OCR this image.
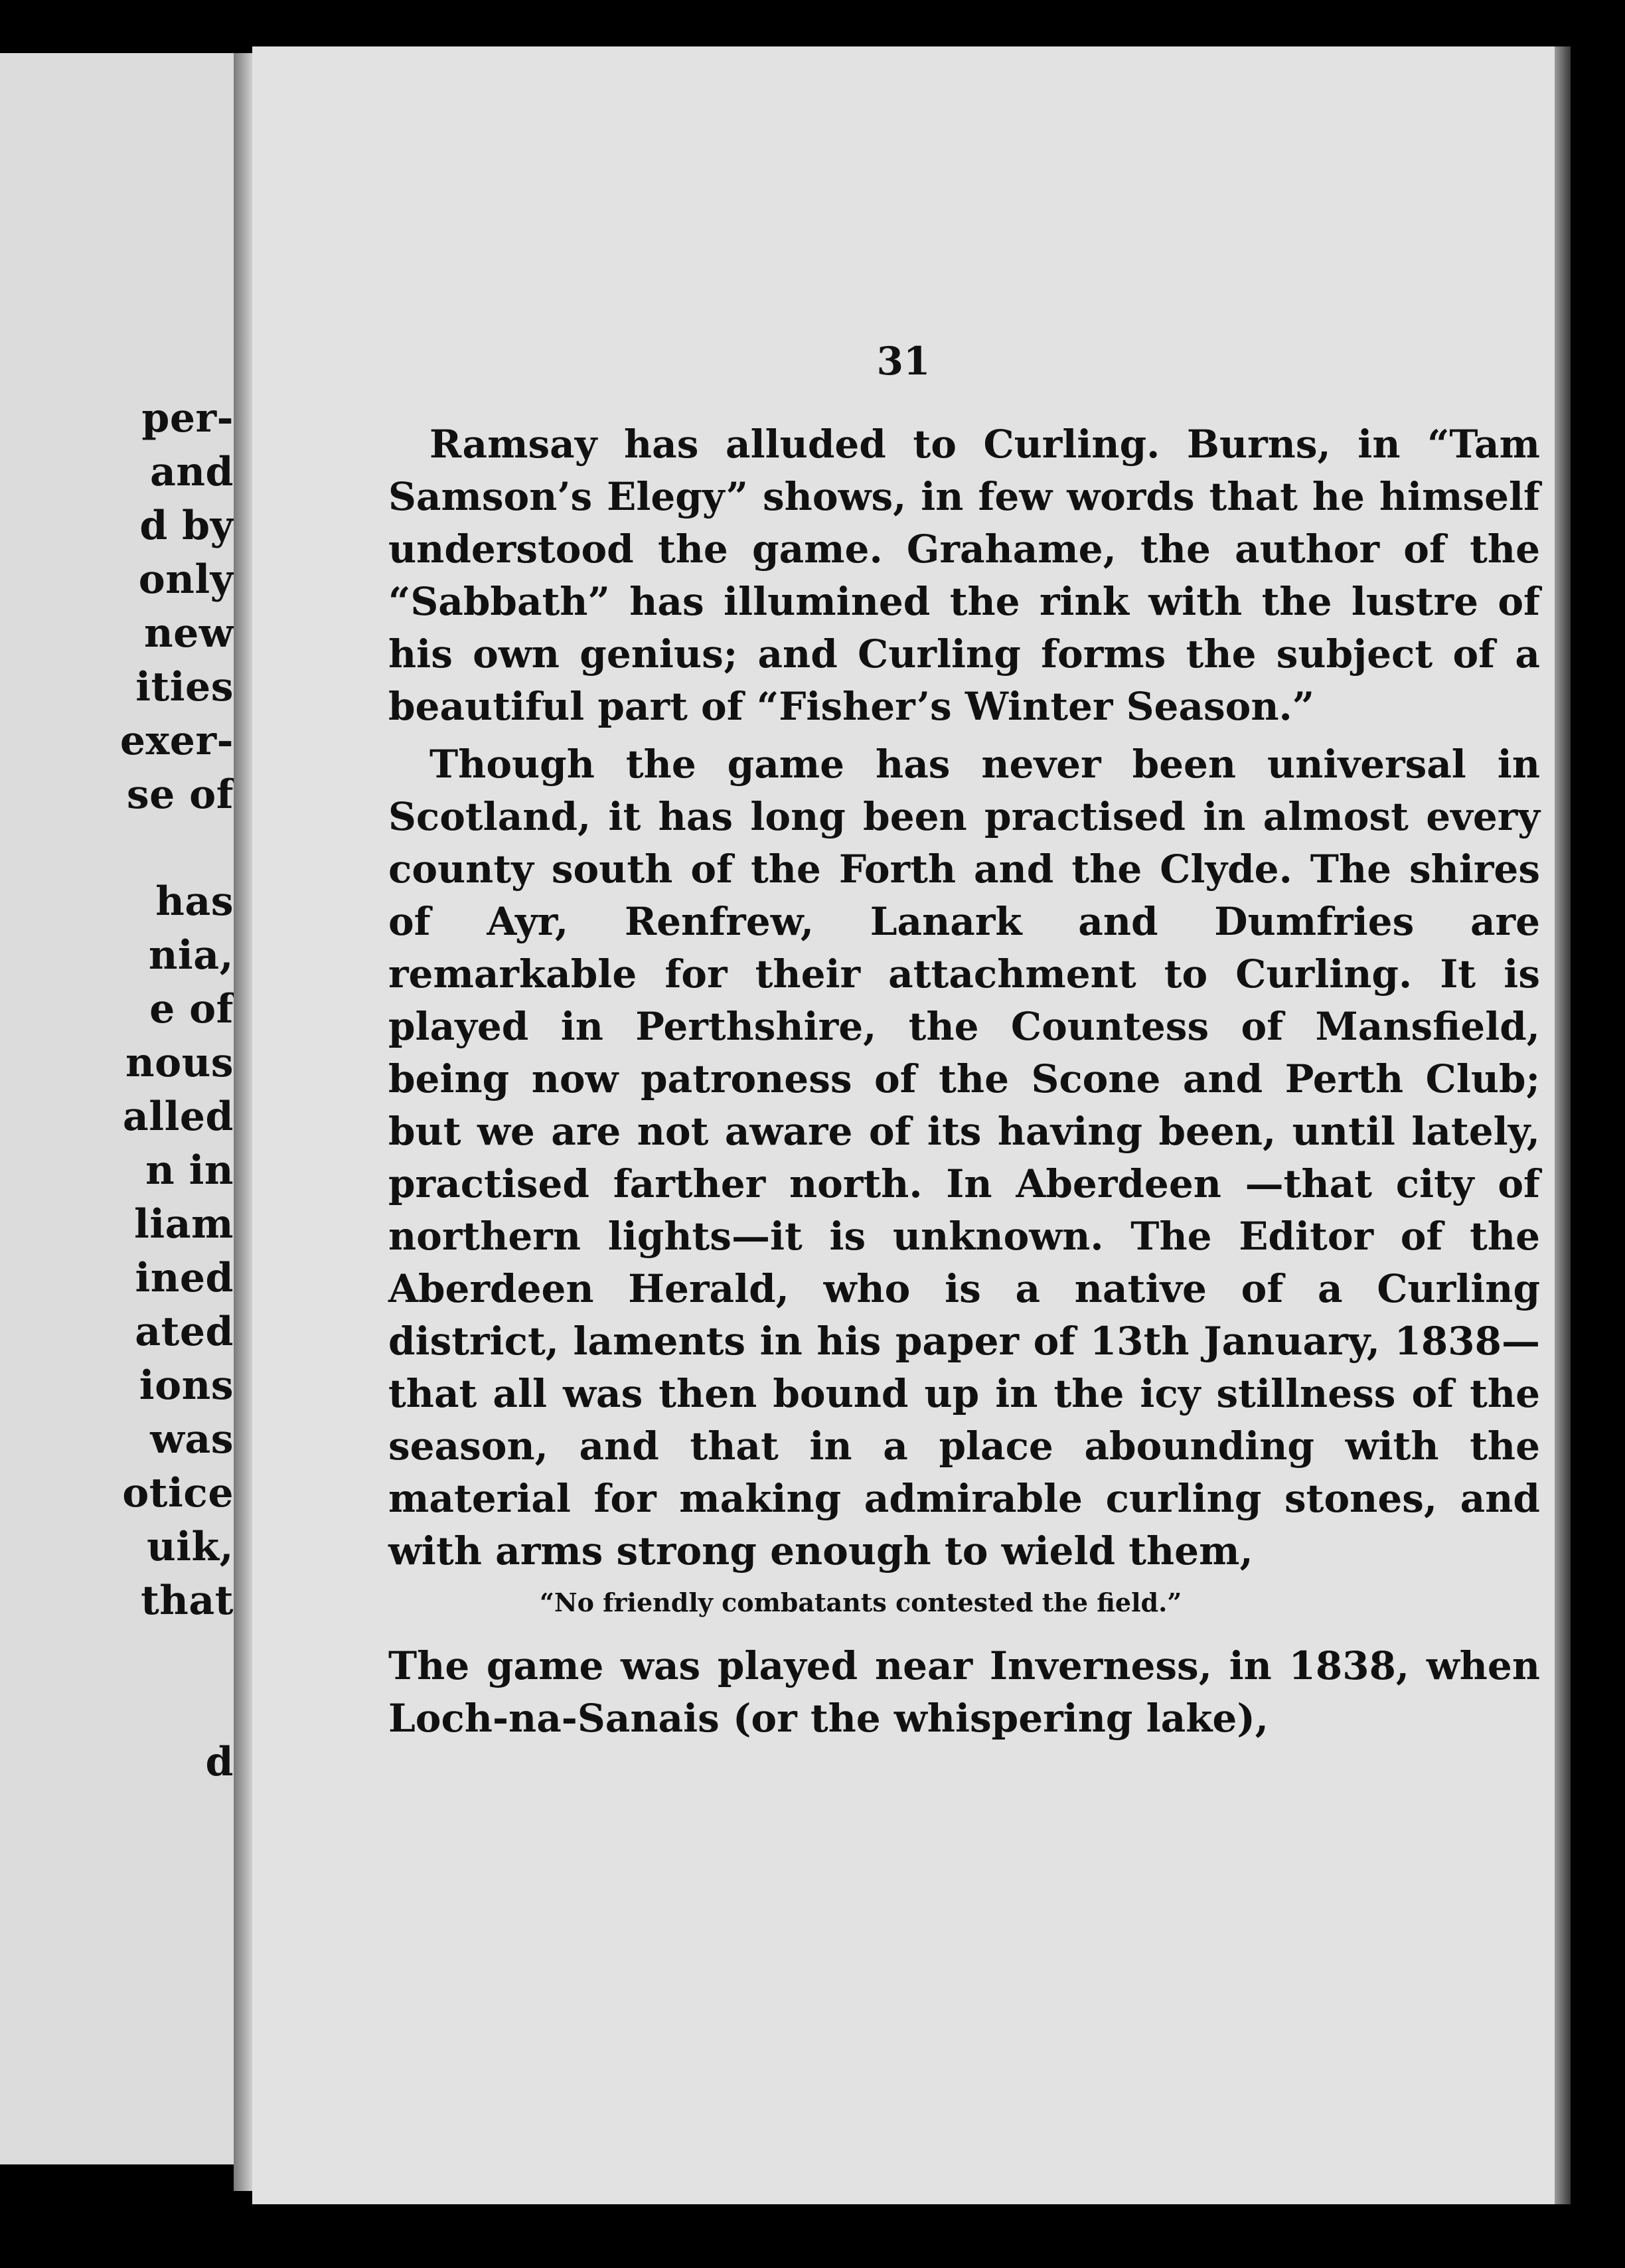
per-
and
d by
only
new
ities
exer-
se of
has
nia,
e of
nous
alled
n in
liam
ined
ated
ions
was
otice
uik,
that
d
31

Ramsay has alluded to Curling. Burns, in “Tam Samson’s Elegy” shows, in few words that he himself understood the game. Grahame, the author of the “Sabbath” has illumined the rink with the lustre of his own genius; and Curling forms the subject of a beautiful part of “Fisher’s Winter Season.”

Though the game has never been universal in Scotland, it has long been practised in almost every county south of the Forth and the Clyde. The shires of Ayr, Renfrew, Lanark and Dumfries are remarkable for their attachment to Curling. It is played in Perthshire, the Countess of Mansfield, being now patroness of the Scone and Perth Club; but we are not aware of its having been, until lately, practised farther north. In Aberdeen —that city of northern lights—it is unknown. The Editor of the Aberdeen Herald, who is a native of a Curling district, laments in his paper of 13th January, 1838—that all was then bound up in the icy stillness of the season, and that in a place abounding with the material for making admirable curling stones, and with arms strong enough to wield them,

“No friendly combatants contested the field.”

The game was played near Inverness, in 1838, when Loch-na-Sanais (or the whispering lake),
